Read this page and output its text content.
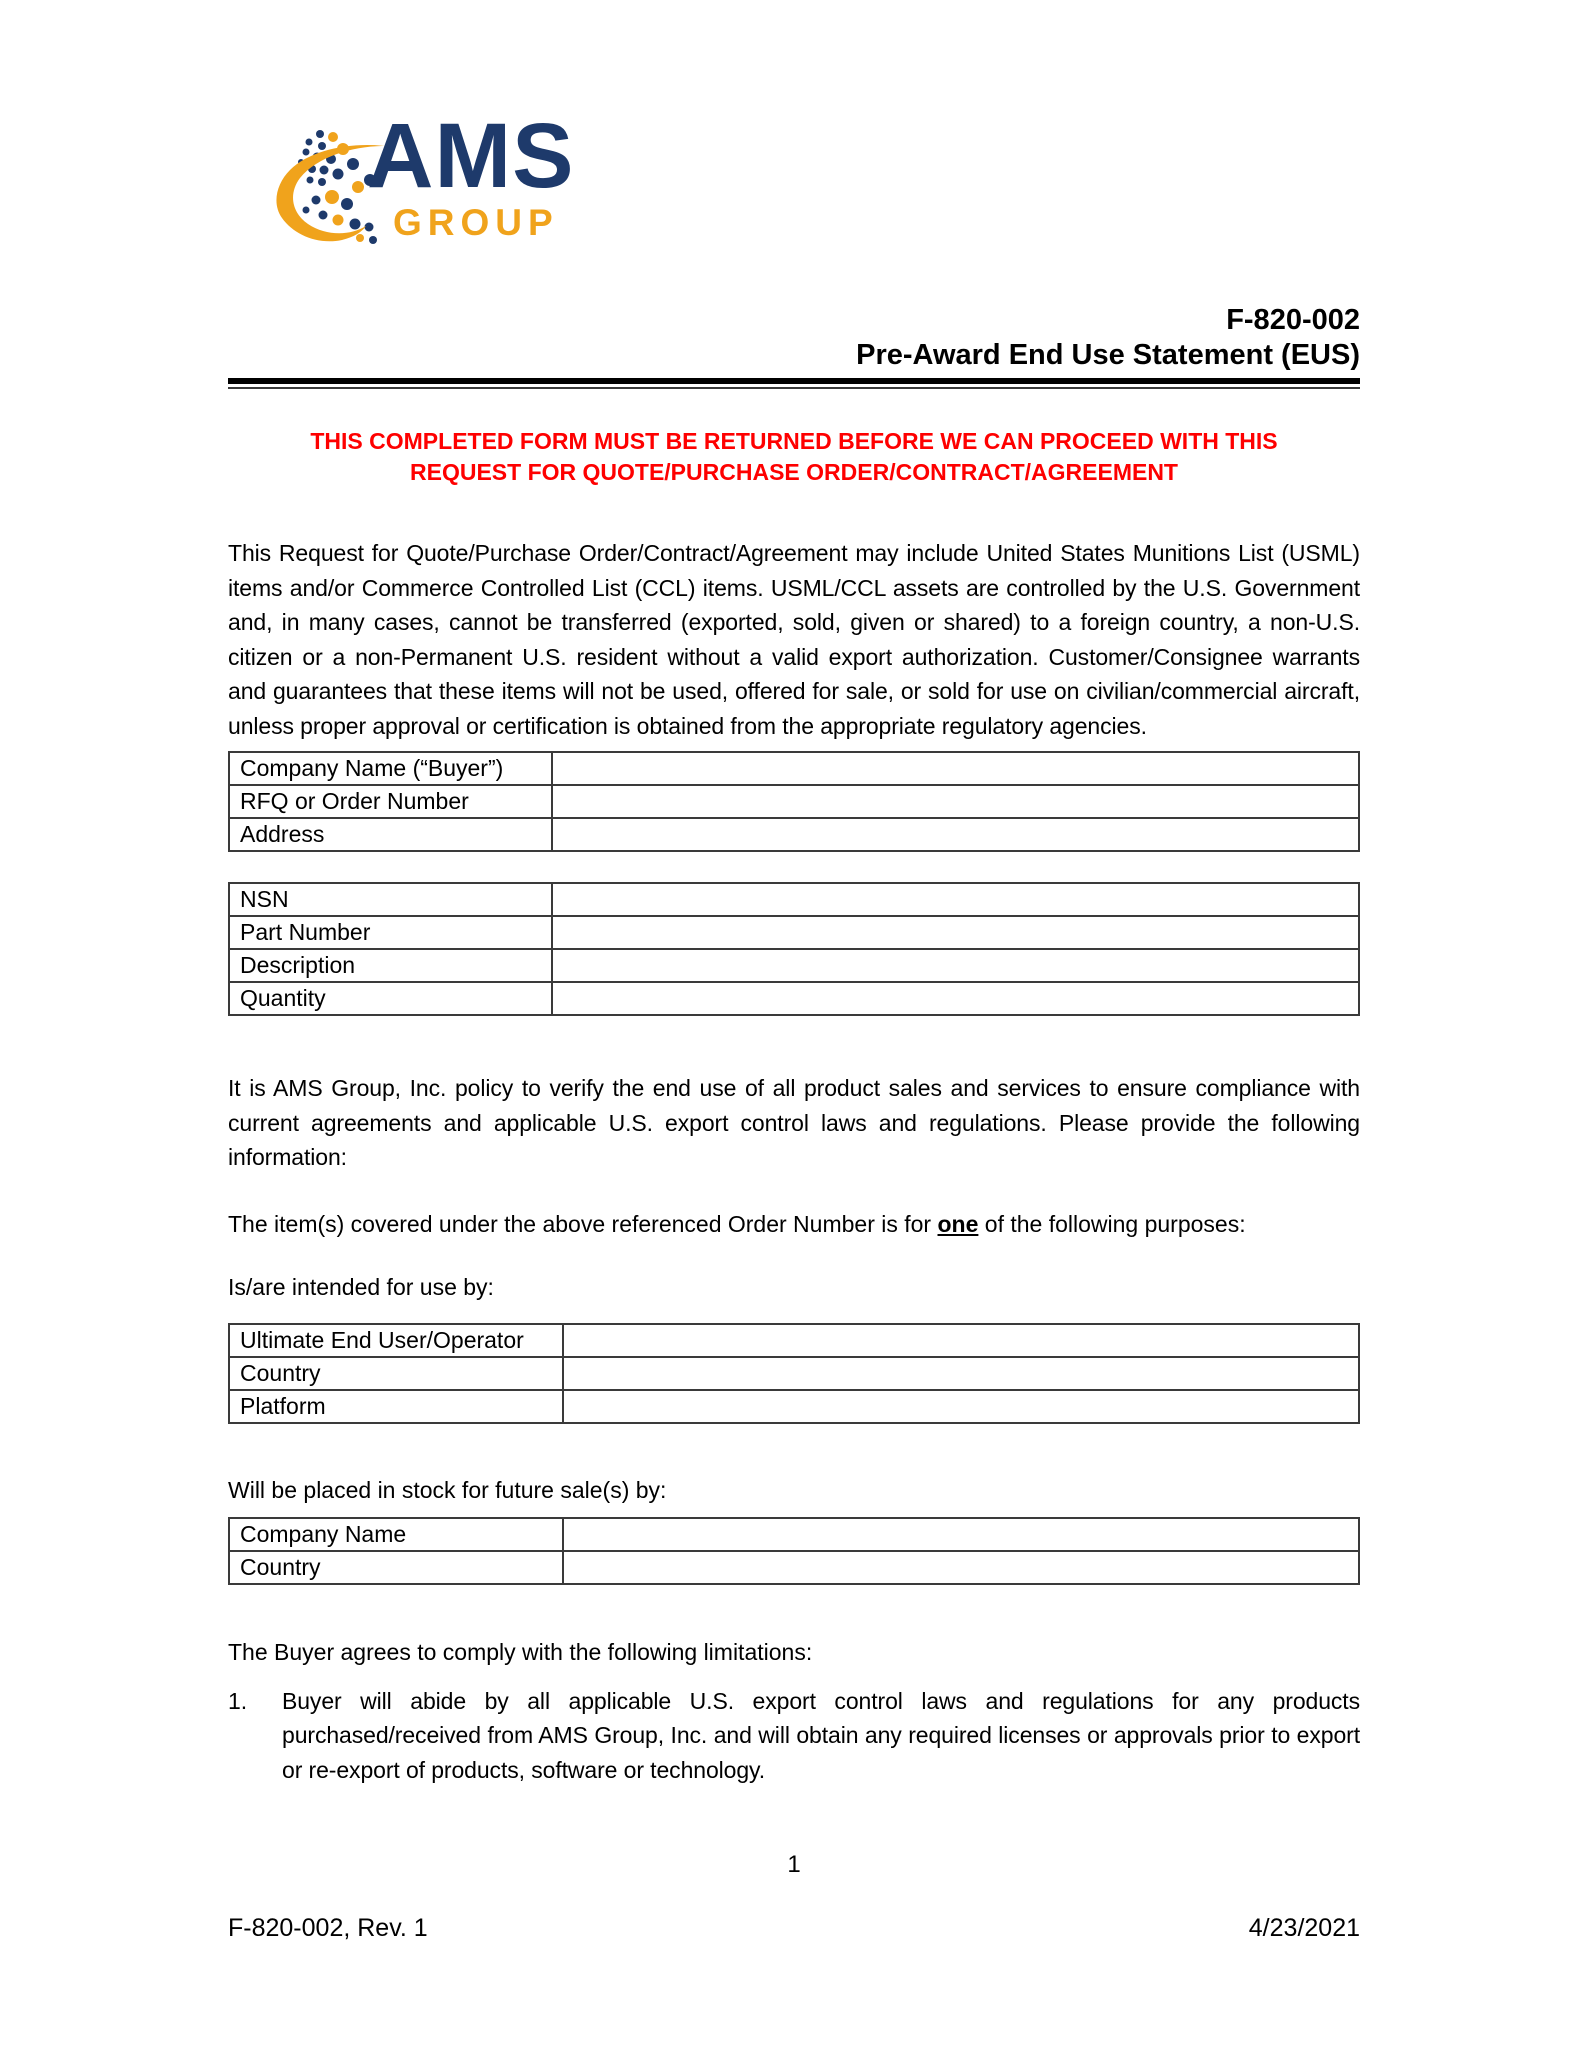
AMS
GROUP
F-820-002
Pre-Award End Use Statement (EUS)
THIS COMPLETED FORM MUST BE RETURNED BEFORE WE CAN PROCEED WITH THIS
REQUEST FOR QUOTE/PURCHASE ORDER/CONTRACT/AGREEMENT
This Request for Quote/Purchase Order/Contract/Agreement may include United States Munitions List (USML) items and/or Commerce Controlled List (CCL) items. USML/CCL assets are controlled by the U.S. Government and, in many cases, cannot be transferred (exported, sold, given or shared) to a foreign country, a non-U.S. citizen or a non-Permanent U.S. resident without a valid export authorization. Customer/Consignee warrants and guarantees that these items will not be used, offered for sale, or sold for use on civilian/commercial aircraft, unless proper approval or certification is obtained from the appropriate regulatory agencies.
Company Name (“Buyer”)	
RFQ or Order Number	
Address	
NSN	
Part Number	
Description	
Quantity	
It is AMS Group, Inc. policy to verify the end use of all product sales and services to ensure compliance with current agreements and applicable U.S. export control laws and regulations. Please provide the following information:
The item(s) covered under the above referenced Order Number is for one of the following purposes:
Is/are intended for use by:
Ultimate End User/Operator	
Country	
Platform	
Will be placed in stock for future sale(s) by:
Company Name	
Country	
The Buyer agrees to comply with the following limitations:
1.	Buyer will abide by all applicable U.S. export control laws and regulations for any products purchased/received from AMS Group, Inc. and will obtain any required licenses or approvals prior to export or re-export of products, software or technology.
1
F-820-002, Rev. 1	4/23/2021
